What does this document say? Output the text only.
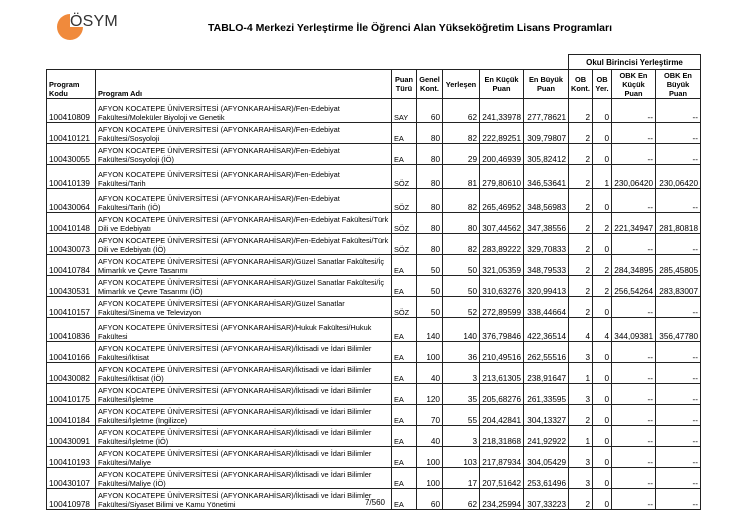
ÖSYM	TABLO-4 Merkezi Yerleştirme İle Öğrenci Alan Yükseköğretim Lisans Programları
							Okul Birincisi Yerleştirme			
Program Kodu	Program Adı	Puan Türü	Genel Kont.	Yerleşen	En Küçük Puan	En Büyük Puan	OB Kont.	OB Yer.	OBK En Küçük Puan	OBK En Büyük Puan
100410809	AFYON KOCATEPE ÜNİVERSİTESİ (AFYONKARAHİSAR)/Fen-Edebiyat Fakültesi/Moleküler Biyoloji ve Genetik	SAY	60	62	241,33978	277,78621	2	0	--	--
100410121	AFYON KOCATEPE ÜNİVERSİTESİ (AFYONKARAHİSAR)/Fen-Edebiyat Fakültesi/Sosyoloji	EA	80	82	222,89251	309,79807	2	0	--	--
100430055	AFYON KOCATEPE ÜNİVERSİTESİ (AFYONKARAHİSAR)/Fen-Edebiyat Fakültesi/Sosyoloji (İÖ)	EA	80	29	200,46939	305,82412	2	0	--	--
100410139	AFYON KOCATEPE ÜNİVERSİTESİ (AFYONKARAHİSAR)/Fen-Edebiyat Fakültesi/Tarih	SÖZ	80	81	279,80610	346,53641	2	1	230,06420	230,06420
100430064	AFYON KOCATEPE ÜNİVERSİTESİ (AFYONKARAHİSAR)/Fen-Edebiyat Fakültesi/Tarih (İÖ)	SÖZ	80	82	265,46952	348,56983	2	0	--	--
100410148	AFYON KOCATEPE ÜNİVERSİTESİ (AFYONKARAHİSAR)/Fen-Edebiyat Fakültesi/Türk Dili ve Edebiyatı	SÖZ	80	80	307,44562	347,38556	2	2	221,34947	281,80818
100430073	AFYON KOCATEPE ÜNİVERSİTESİ (AFYONKARAHİSAR)/Fen-Edebiyat Fakültesi/Türk Dili ve Edebiyatı (İÖ)	SÖZ	80	82	283,89222	329,70833	2	0	--	--
100410784	AFYON KOCATEPE ÜNİVERSİTESİ (AFYONKARAHİSAR)/Güzel Sanatlar Fakültesi/İç Mimarlık ve Çevre Tasarımı	EA	50	50	321,05359	348,79533	2	2	284,34895	285,45805
100430531	AFYON KOCATEPE ÜNİVERSİTESİ (AFYONKARAHİSAR)/Güzel Sanatlar Fakültesi/İç Mimarlık ve Çevre Tasarımı (İÖ)	EA	50	50	310,63276	320,99413	2	2	256,54264	283,83007
100410157	AFYON KOCATEPE ÜNİVERSİTESİ (AFYONKARAHİSAR)/Güzel Sanatlar Fakültesi/Sinema ve Televizyon	SÖZ	50	52	272,89599	338,44664	2	0	--	--
100410836	AFYON KOCATEPE ÜNİVERSİTESİ (AFYONKARAHİSAR)/Hukuk Fakültesi/Hukuk Fakültesi	EA	140	140	376,79846	422,36514	4	4	344,09381	356,47780
100410166	AFYON KOCATEPE ÜNİVERSİTESİ (AFYONKARAHİSAR)/İktisadi ve İdari Bilimler Fakültesi/İktisat	EA	100	36	210,49516	262,55516	3	0	--	--
100430082	AFYON KOCATEPE ÜNİVERSİTESİ (AFYONKARAHİSAR)/İktisadi ve İdari Bilimler Fakültesi/İktisat (İÖ)	EA	40	3	213,61305	238,91647	1	0	--	--
100410175	AFYON KOCATEPE ÜNİVERSİTESİ (AFYONKARAHİSAR)/İktisadi ve İdari Bilimler Fakültesi/İşletme	EA	120	35	205,68276	261,33595	3	0	--	--
100410184	AFYON KOCATEPE ÜNİVERSİTESİ (AFYONKARAHİSAR)/İktisadi ve İdari Bilimler Fakültesi/İşletme (İngilizce)	EA	70	55	204,42841	304,13327	2	0	--	--
100430091	AFYON KOCATEPE ÜNİVERSİTESİ (AFYONKARAHİSAR)/İktisadi ve İdari Bilimler Fakültesi/İşletme (İÖ)	EA	40	3	218,31868	241,92922	1	0	--	--
100410193	AFYON KOCATEPE ÜNİVERSİTESİ (AFYONKARAHİSAR)/İktisadi ve İdari Bilimler Fakültesi/Maliye	EA	100	103	217,87934	304,05429	3	0	--	--
100430107	AFYON KOCATEPE ÜNİVERSİTESİ (AFYONKARAHİSAR)/İktisadi ve İdari Bilimler Fakültesi/Maliye (İÖ)	EA	100	17	207,51642	253,61496	3	0	--	--
100410978	AFYON KOCATEPE ÜNİVERSİTESİ (AFYONKARAHİSAR)/İktisadi ve İdari Bilimler Fakültesi/Siyaset Bilimi ve Kamu Yönetimi	EA	60	62	234,25994	307,33223	2	0	--	--
7/560
